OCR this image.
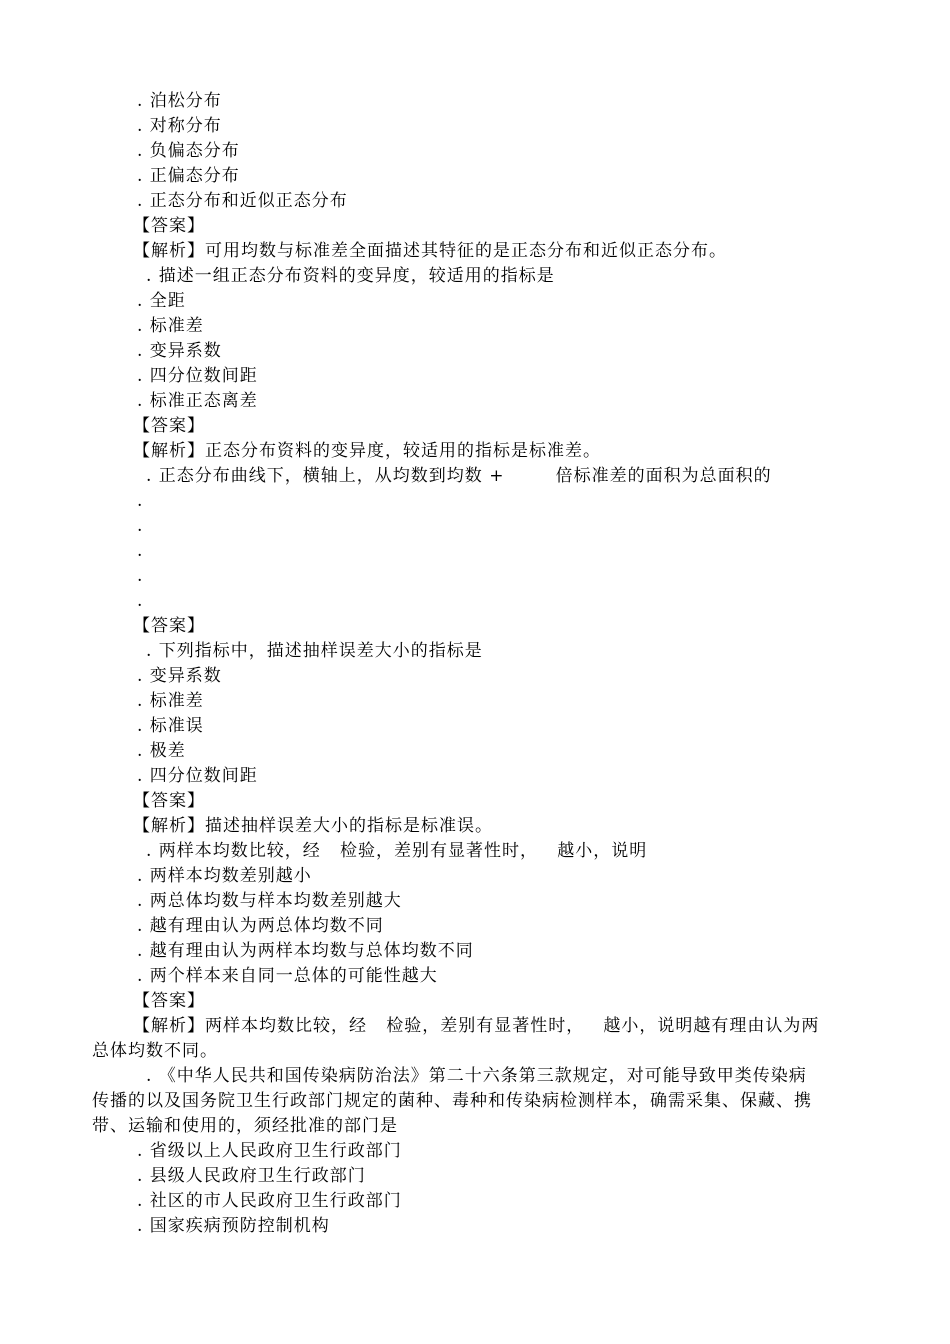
. 泊松分布
. 对称分布
. 负偏态分布
. 正偏态分布
. 正态分布和近似正态分布
【答案】
【解析】可用均数与标准差全面描述其特征的是正态分布和近似正态分布。
. 描述一组正态分布资料的变异度，较适用的指标是
. 全距
. 标准差
. 变异系数
. 四分位数间距
. 标准正态离差
【答案】
【解析】正态分布资料的变异度，较适用的指标是标准差。
. 正态分布曲线下，横轴上，从均数到均数 +        倍标准差的面积为总面积的
.
.
.
.
.
【答案】
. 下列指标中，描述抽样误差大小的指标是
. 变异系数
. 标准差
. 标准误
. 极差
. 四分位数间距
【答案】
【解析】描述抽样误差大小的指标是标准误。
. 两样本均数比较，经   检验，差别有显著性时，   越小，说明
. 两样本均数差别越小
. 两总体均数与样本均数差别越大
. 越有理由认为两总体均数不同
. 越有理由认为两样本均数与总体均数不同
. 两个样本来自同一总体的可能性越大
【答案】
【解析】两样本均数比较，经   检验，差别有显著性时，   越小，说明越有理由认为两
总体均数不同。
. 《中华人民共和国传染病防治法》第二十六条第三款规定，对可能导致甲类传染病
传播的以及国务院卫生行政部门规定的菌种、毒种和传染病检测样本，确需采集、保藏、携
带、运输和使用的，须经批准的部门是
. 省级以上人民政府卫生行政部门
. 县级人民政府卫生行政部门
. 社区的市人民政府卫生行政部门
. 国家疾病预防控制机构
